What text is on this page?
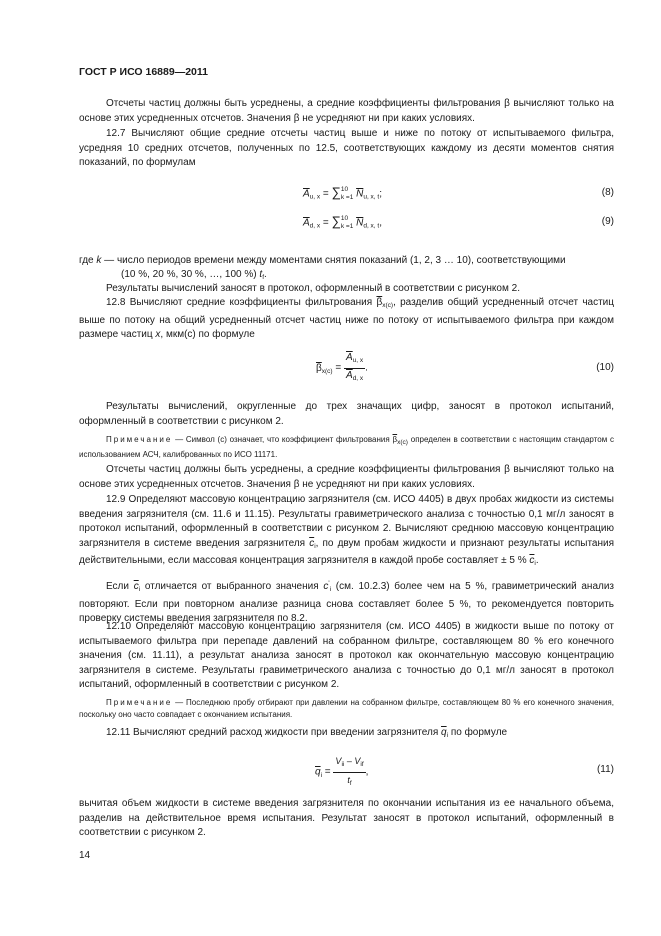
ГОСТ Р ИСО 16889—2011
Отсчеты частиц должны быть усреднены, а средние коэффициенты фильтрования β вычисляют только на основе этих усредненных отсчетов. Значения β не усредняют ни при каких условиях.
12.7 Вычисляют общие средние отсчеты частиц выше и ниже по потоку от испытываемого фильтра, усредняя 10 средних отсчетов, полученных по 12.5, соответствующих каждому из десяти моментов снятия показаний, по формулам
$\overline{A}_{u, x} = \sum 10$
k =1 $\overline{N}_{u, x, t}$;	(8)
$\overline{A}_{d, x} = \sum 10$
k =1 $\overline{N}_{d, x, t}$,	(9)
где k — число периодов времени между моментами снятия показаний (1, 2, 3 … 10), соответствующими
(10 %, 20 %, 30 %, …, 100 %) $t_f$.
Результаты вычислений заносят в протокол, оформленный в соответствии с рисунком 2.
12.8 Вычисляют средние коэффициенты фильтрования $\overline{\beta}_{x(c)}$, разделив общий усредненный отсчет частиц выше по потоку на общий усредненный отсчет частиц ниже по потоку от испытываемого фильтра при каждом размере частиц x, мкм(с) по формуле
$\overline{\beta}_{x(c)} = \frac{\overline{A}_{u, x}}{\overline{A}_{d, x}}$ .	(10)
Результаты вычислений, округленные до трех значащих цифр, заносят в протокол испытаний, оформленный в соответствии с рисунком 2.
Примечание — Символ (c) означает, что коэффициент фильтрования $\overline{\beta}_{x(c)}$ определен в соответствии с настоящим стандартом с использованием АСЧ, калиброванных по ИСО 11171.
Отсчеты частиц должны быть усреднены, а средние коэффициенты фильтрования β вычисляют только на основе этих усредненных отсчетов. Значения β не усредняют ни при каких условиях.
12.9 Определяют массовую концентрацию загрязнителя (см. ИСО 4405) в двух пробах жидкости из системы введения загрязнителя (см. 11.6 и 11.15). Результаты гравиметрического анализа с точностью 0,1 мг/л заносят в протокол испытаний, оформленный в соответствии с рисунком 2. Вычисляют среднюю массовую концентрацию загрязнителя в системе введения загрязнителя $\overline{c}_i$, по двум пробам жидкости и признают результаты испытания действительными, если массовая концентрация загрязнителя в каждой пробе составляет ± 5 % $\overline{c}_i$.
Если $\overline{c}_i$ отличается от выбранного значения $c'_i$ (см. 10.2.3) более чем на 5 %, гравиметрический анализ повторяют. Если при повторном анализе разница снова составляет более 5 %, то рекомендуется повторить проверку системы введения загрязнителя по 8.2.
12.10 Определяют массовую концентрацию загрязнителя (см. ИСО 4405) в жидкости выше по потоку от испытываемого фильтра при перепаде давлений на собранном фильтре, составляющем 80 % его конечного значения (см. 11.11), а результат анализа заносят в протокол как окончательную массовую концентрацию загрязнителя в системе. Результаты гравиметрического анализа с точностью до 0,1 мг/л заносят в протокол испытаний, оформленный в соответствии с рисунком 2.
Примечание — Последнюю пробу отбирают при давлении на собранном фильтре, составляющем 80 % его конечного значения, поскольку оно часто совпадает с окончанием испытания.
12.11 Вычисляют средний расход жидкости при введении загрязнителя $\overline{q}_i$ по формуле
$\overline{q}_i = \frac{V_{ii} - V_{if}}{t_f}$ ,	(11)
вычитая объем жидкости в системе введения загрязнителя по окончании испытания из ее начального объема, разделив на действительное время испытания. Результат заносят в протокол испытаний, оформленный в соответствии с рисунком 2.
14
